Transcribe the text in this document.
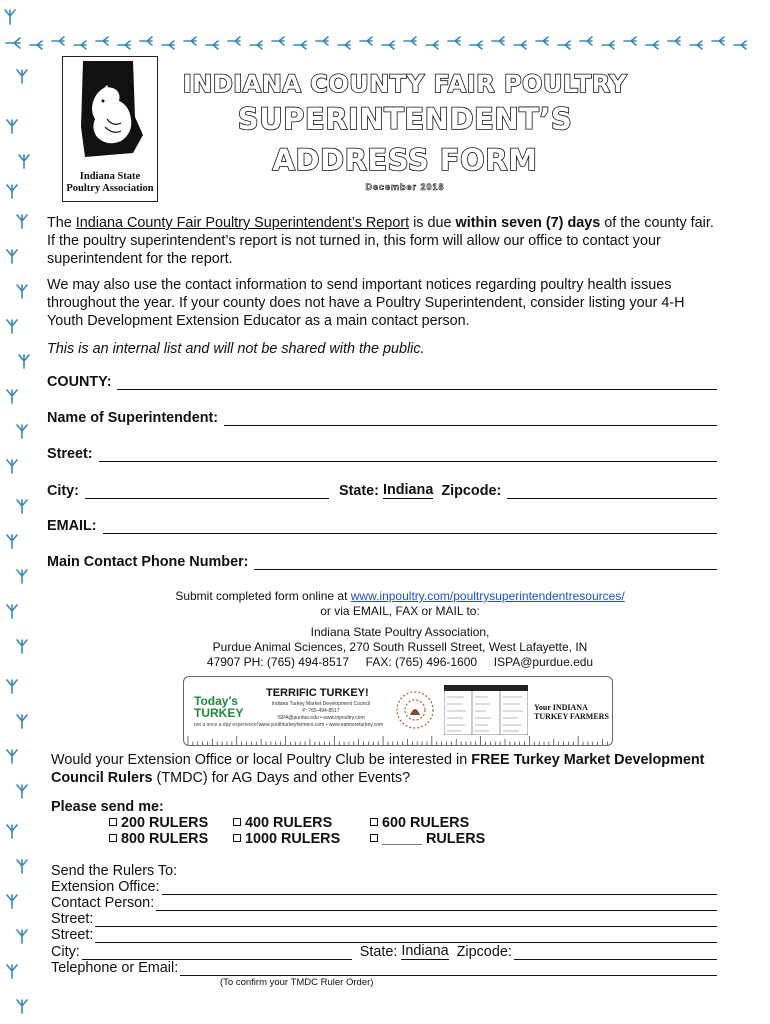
Indiana State
Poultry Association
INDIANA COUNTY FAIR POULTRY
SUPERINTENDENT’S
ADDRESS FORM
December 2018
The Indiana County Fair Poultry Superintendent’s Report is due within seven (7) days of the county fair. If the poultry superintendent’s report is not turned in, this form will allow our office to contact your superintendent for the report.
We may also use the contact information to send important notices regarding poultry health issues throughout the year. If your county does not have a Poultry Superintendent, consider listing your 4-H Youth Development Extension Educator as a main contact person.
This is an internal list and will not be shared with the public.
COUNTY:
Name of Superintendent:
Street:
City:	State: Indiana Zipcode:
EMAIL:
Main Contact Phone Number:
Submit completed form online at www.inpoultry.com/poultrysuperintendentresources/
or via EMAIL, FAX or MAIL to:
Indiana State Poultry Association,
Purdue Animal Sciences, 270 South Russell Street, West Lafayette, IN
47907 PH: (765) 494-8517     FAX: (765) 496-1600     ISPA@purdue.edu
Today's
TURKEY
not a once a day experience!
TERRIFIC TURKEY!
Indiana Turkey Market Development Council
P: 765-494-8517
ISPA@purdue.edu • www.inpoultry.com
www.youthturkeyfarmers.com • www.eatmoreturkey.com
Your INDIANA
TURKEY FARMERS
Would your Extension Office or local Poultry Club be interested in FREE Turkey Market Development Council Rulers (TMDC) for AG Days and other Events?
Please send me:
200 RULERS	400 RULERS	600 RULERS
800 RULERS	1000 RULERS	_____ RULERS
Send the Rulers To:
Extension Office:
Contact Person:
Street:
Street:
City:	State: Indiana Zipcode:
Telephone or Email:
(To confirm your TMDC Ruler Order)
